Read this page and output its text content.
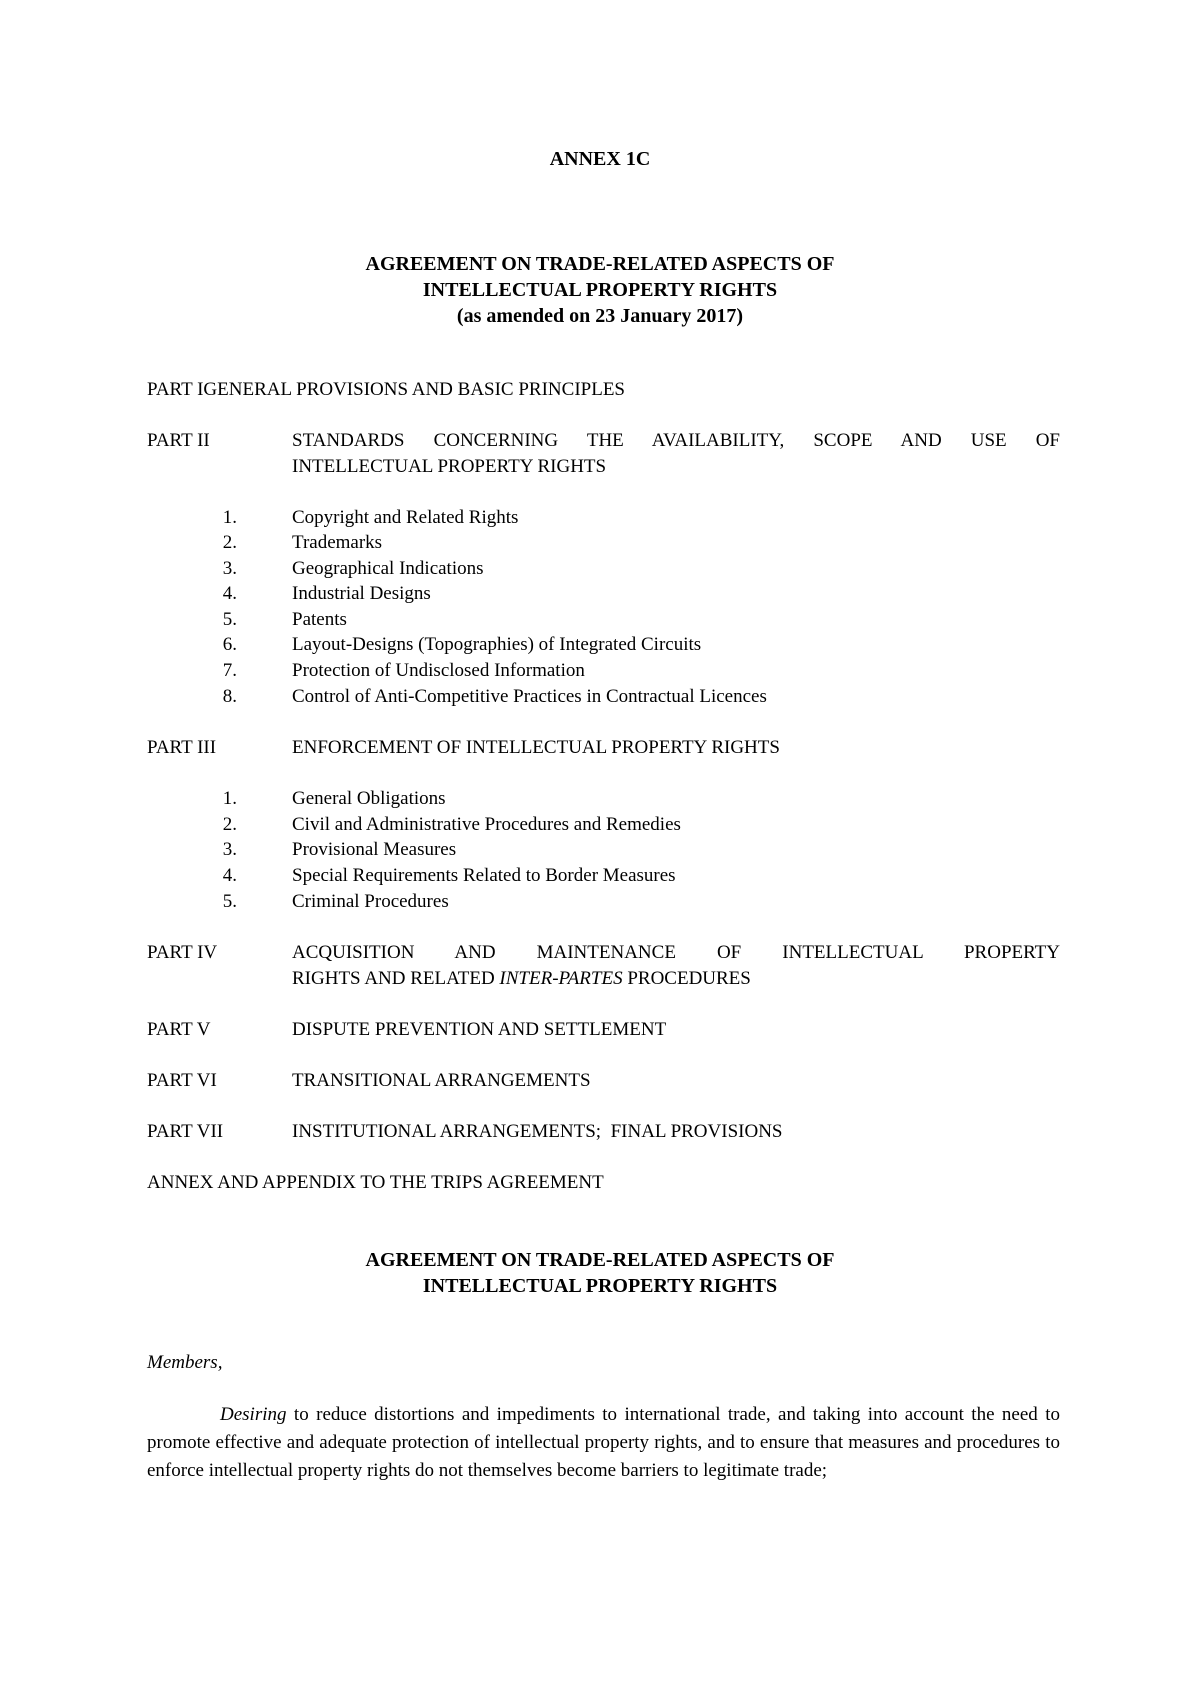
ANNEX 1C
AGREEMENT ON TRADE-RELATED ASPECTS OF
INTELLECTUAL PROPERTY RIGHTS

(as amended on 23 January 2017)

PART IGENERAL PROVISIONS AND BASIC PRINCIPLES
PART II	STANDARDS CONCERNING THE AVAILABILITY, SCOPE AND USE OF
INTELLECTUAL PROPERTY RIGHTS
1.	Copyright and Related Rights
2.	Trademarks
3.	Geographical Indications
4.	Industrial Designs
5.	Patents
6.	Layout-Designs (Topographies) of Integrated Circuits
7.	Protection of Undisclosed Information
8.	Control of Anti-Competitive Practices in Contractual Licences
PART III	ENFORCEMENT OF INTELLECTUAL PROPERTY RIGHTS
1.	General Obligations
2.	Civil and Administrative Procedures and Remedies
3.	Provisional Measures
4.	Special Requirements Related to Border Measures
5.	Criminal Procedures
PART IV	ACQUISITION AND MAINTENANCE OF INTELLECTUAL PROPERTY
RIGHTS AND RELATED INTER-PARTES PROCEDURES
PART V	DISPUTE PREVENTION AND SETTLEMENT
PART VI	TRANSITIONAL ARRANGEMENTS
PART VII	INSTITUTIONAL ARRANGEMENTS;  FINAL PROVISIONS
ANNEX AND APPENDIX TO THE TRIPS AGREEMENT
AGREEMENT ON TRADE-RELATED ASPECTS OF
INTELLECTUAL PROPERTY RIGHTS
Members,

Desiring to reduce distortions and impediments to international trade, and taking into account the need to promote effective and adequate protection of intellectual property rights, and to ensure that measures and procedures to enforce intellectual property rights do not themselves become barriers to legitimate trade;
